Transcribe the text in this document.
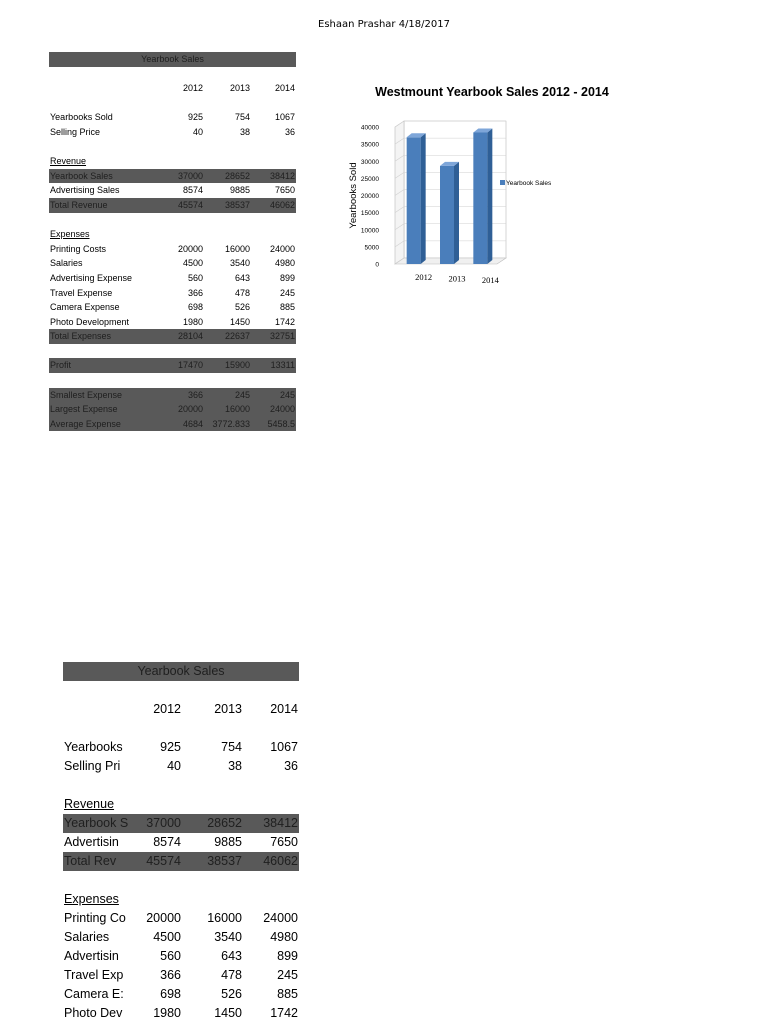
Eshaan Prashar 4/18/2017
Yearbook Sales
2012	2013	2014
Yearbooks Sold	925	754	1067
Selling Price	40	38	36
Revenue
Yearbook Sales	37000 28652 38412
Advertising Sales	8574	9885	7650
Total Revenue	45574 38537 46062
Expenses
Printing Costs	20000 16000 24000
Salaries	4500	3540	4980
Advertising Expense	560	643	899
Travel Expense	366	478	245
Camera Expense	698	526	885
Photo Development	1980	1450	1742
Total Expenses	28104 22637 32751
Profit	17470 15900 13311
Smallest Expense	366	245	245
Largest Expense	20000 16000 24000
Average Expense	4684 3772.833 5458.5
Westmount Yearbook Sales 2012 - 2014
0
5000
10000
15000
20000
25000
30000
35000
40000
Yearbooks Sold
2012 2013 2014
Yearbook Sales
Yearbook Sales
2012	2013 2014
Yearbooks	925	754 1067
Selling Pri	40	38	36
Revenue
Yearbook S 37000 28652 38412
Advertisin	8574	9885 7650
Total Rev	45574 38537 46062
Expenses
Printing Co 20000 16000 24000
Salaries	4500	3540 4980
Advertisin	560	643	899
Travel Exp	366	478	245
Camera E:	698	526	885
Photo Dev 1980	1450 1742
